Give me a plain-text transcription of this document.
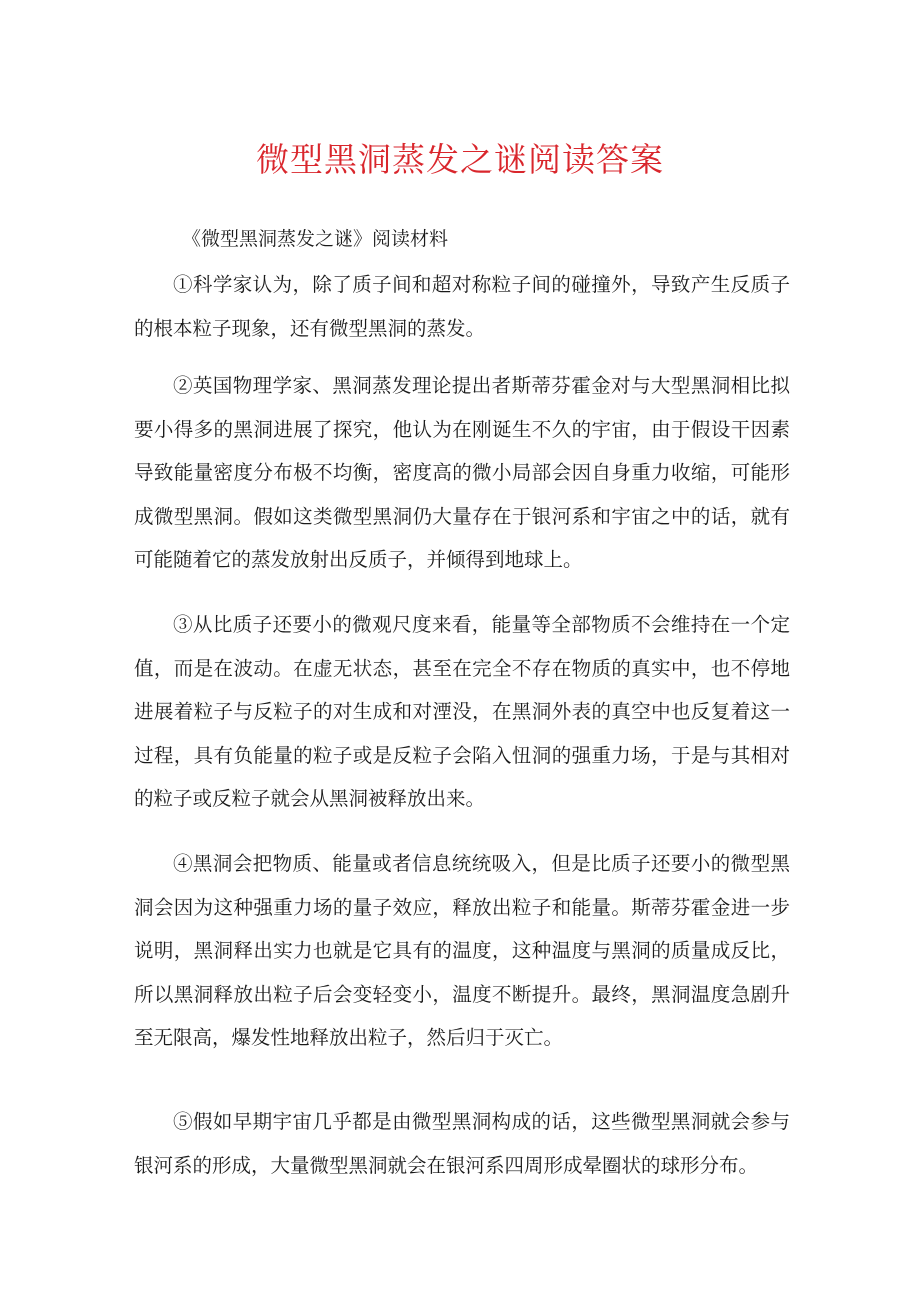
微型黑洞蒸发之谜阅读答案
《微型黑洞蒸发之谜》阅读材料

①科学家认为，除了质子间和超对称粒子间的碰撞外，导致产生反质子的根本粒子现象，还有微型黑洞的蒸发。

②英国物理学家、黑洞蒸发理论提出者斯蒂芬霍金对与大型黑洞相比拟要小得多的黑洞进展了探究，他认为在刚诞生不久的宇宙，由于假设干因素导致能量密度分布极不均衡，密度高的微小局部会因自身重力收缩，可能形成微型黑洞。假如这类微型黑洞仍大量存在于银河系和宇宙之中的话，就有可能随着它的蒸发放射出反质子，并倾得到地球上。

③从比质子还要小的微观尺度来看，能量等全部物质不会维持在一个定值，而是在波动。在虚无状态，甚至在完全不存在物质的真实中，也不停地进展着粒子与反粒子的对生成和对湮没，在黑洞外表的真空中也反复着这一过程，具有负能量的粒子或是反粒子会陷入忸洞的强重力场，于是与其相对的粒子或反粒子就会从黑洞被释放出来。

④黑洞会把物质、能量或者信息统统吸入，但是比质子还要小的微型黑洞会因为这种强重力场的量子效应，释放出粒子和能量。斯蒂芬霍金进一步说明，黑洞释出实力也就是它具有的温度，这种温度与黑洞的质量成反比，所以黑洞释放出粒子后会变轻变小，温度不断提升。最终，黑洞温度急剧升至无限高，爆发性地释放出粒子，然后归于灭亡。

⑤假如早期宇宙几乎都是由微型黑洞构成的话，这些微型黑洞就会参与银河系的形成，大量微型黑洞就会在银河系四周形成晕圈状的球形分布。
